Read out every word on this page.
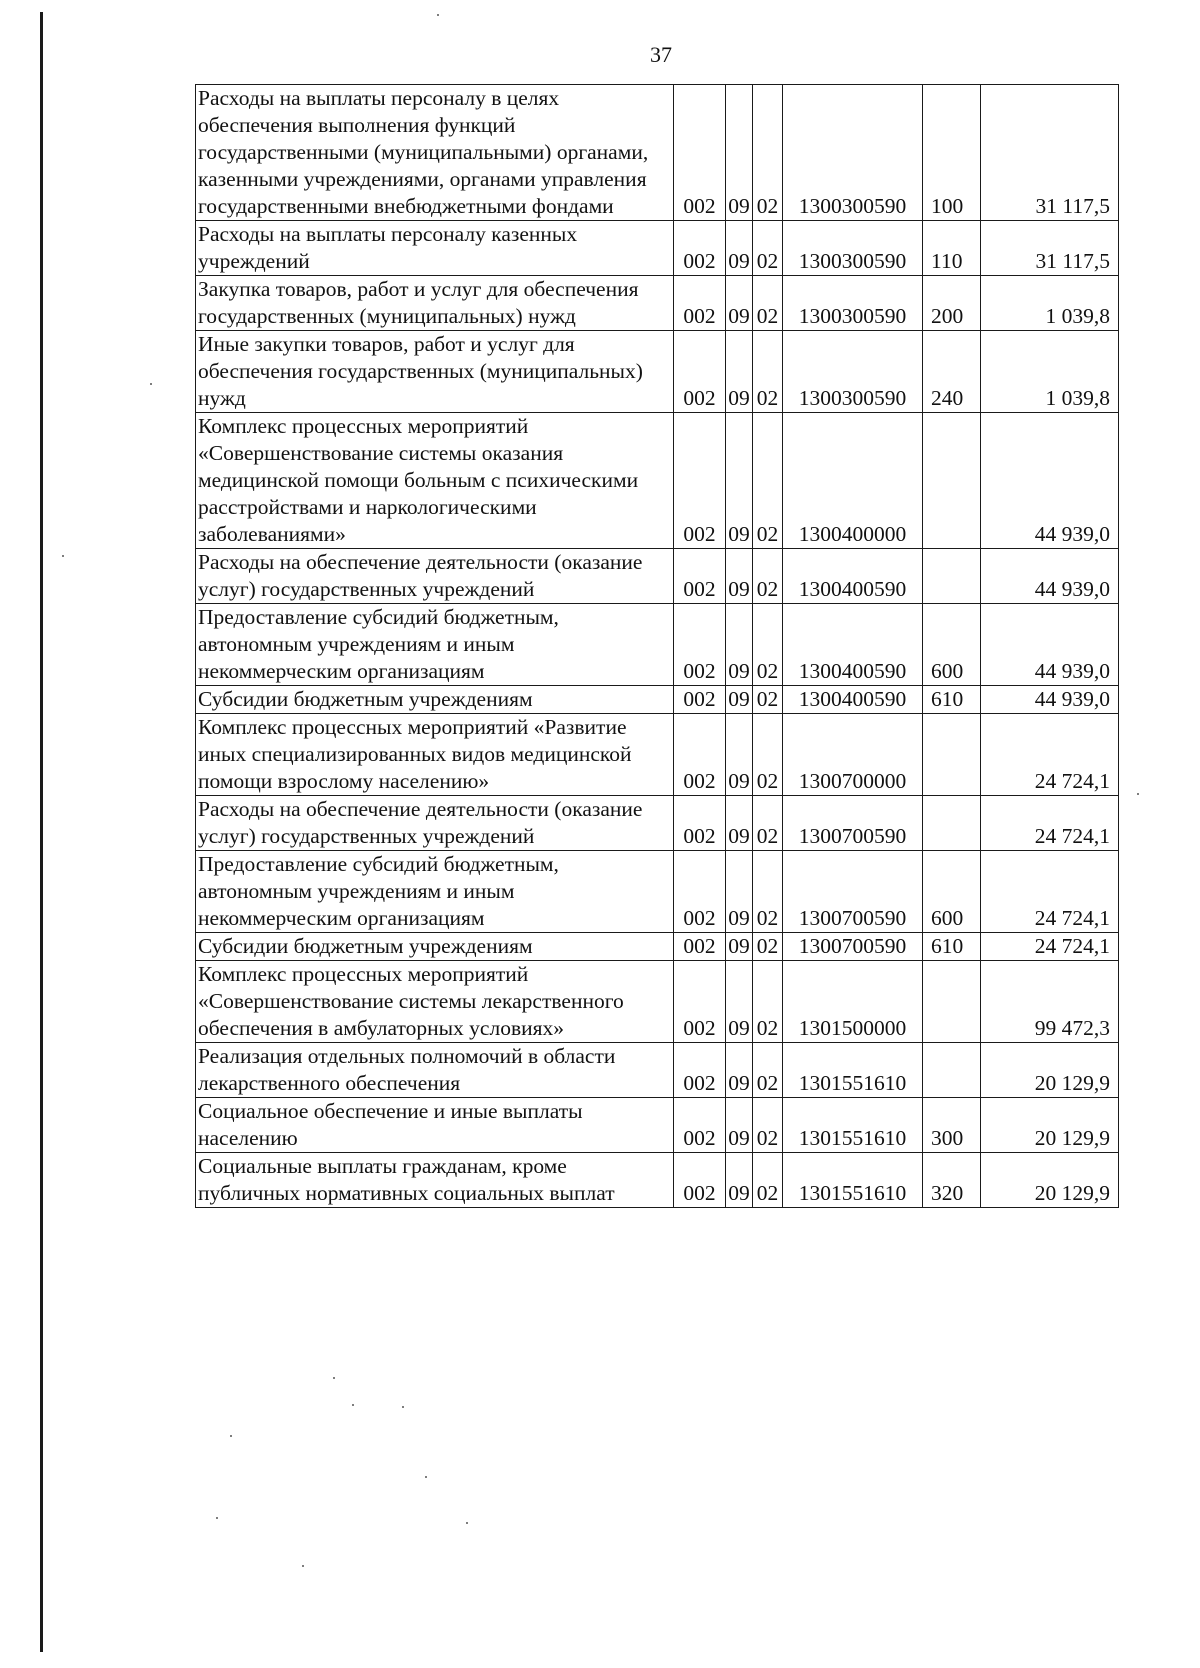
37
Расходы на выплаты персоналу в целях обеспечения выполнения функций государственными (муниципальными) органами, казенными учреждениями, органами управления государственными внебюджетными фондами	002	09	02	1300300590	100	31 117,5
Расходы на выплаты персоналу казенных учреждений	002	09	02	1300300590	110	31 117,5
Закупка товаров, работ и услуг для обеспечения государственных (муниципальных) нужд	002	09	02	1300300590	200	1 039,8
Иные закупки товаров, работ и услуг для обеспечения государственных (муниципальных) нужд	002	09	02	1300300590	240	1 039,8
Комплекс процессных мероприятий «Совершенствование системы оказания медицинской помощи больным с психическими расстройствами и наркологическими заболеваниями»	002	09	02	1300400000		44 939,0
Расходы на обеспечение деятельности (оказание услуг) государственных учреждений	002	09	02	1300400590		44 939,0
Предоставление субсидий бюджетным, автономным учреждениям и иным некоммерческим организациям	002	09	02	1300400590	600	44 939,0
Субсидии бюджетным учреждениям	002	09	02	1300400590	610	44 939,0
Комплекс процессных мероприятий «Развитие иных специализированных видов медицинской помощи взрослому населению»	002	09	02	1300700000		24 724,1
Расходы на обеспечение деятельности (оказание услуг) государственных учреждений	002	09	02	1300700590		24 724,1
Предоставление субсидий бюджетным, автономным учреждениям и иным некоммерческим организациям	002	09	02	1300700590	600	24 724,1
Субсидии бюджетным учреждениям	002	09	02	1300700590	610	24 724,1
Комплекс процессных мероприятий «Совершенствование системы лекарственного обеспечения в амбулаторных условиях»	002	09	02	1301500000		99 472,3
Реализация отдельных полномочий в области лекарственного обеспечения	002	09	02	1301551610		20 129,9
Социальное обеспечение и иные выплаты населению	002	09	02	1301551610	300	20 129,9
Социальные выплаты гражданам, кроме публичных нормативных социальных выплат	002	09	02	1301551610	320	20 129,9
